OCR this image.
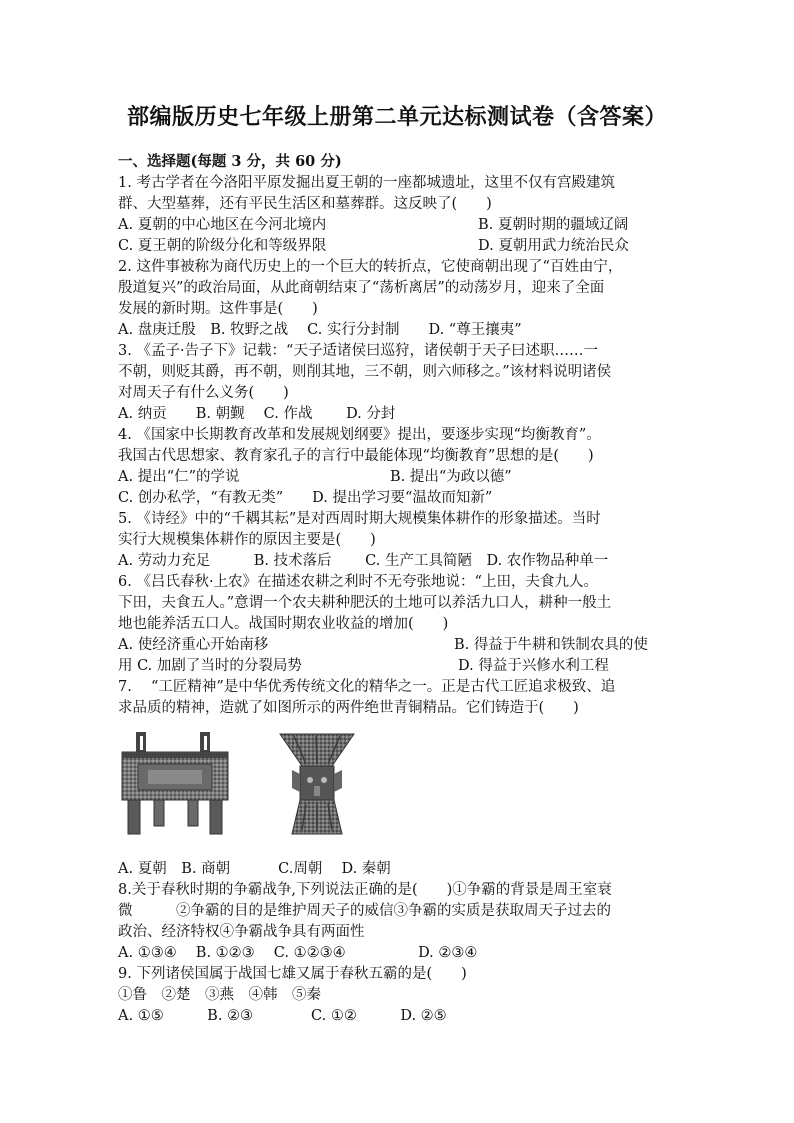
部编版历史七年级上册第二单元达标测试卷（含答案）
一、选择题(每题 3 分，共 60 分)
1. 考古学者在今洛阳平原发掘出夏王朝的一座都城遗址，这里不仅有宫殿建筑
群、大型墓葬，还有平民生活区和墓葬群。这反映了(　　)
A. 夏朝的中心地区在今河北境内	B. 夏朝时期的疆域辽阔
C. 夏王朝的阶级分化和等级界限	D. 夏朝用武力统治民众
2. 这件事被称为商代历史上的一个巨大的转折点，它使商朝出现了“百姓由宁，
殷道复兴”的政治局面，从此商朝结束了“荡析离居”的动荡岁月，迎来了全面
发展的新时期。这件事是(　　)
A. 盘庚迁殷　B. 牧野之战　 C. 实行分封制　　D. “尊王攘夷”
3. 《孟子·告子下》记载：“天子适诸侯曰巡狩，诸侯朝于天子曰述职……一
不朝，则贬其爵，再不朝，则削其地，三不朝，则六师移之。”该材料说明诸侯
对周天子有什么义务(　　)
A. 纳贡　　B. 朝觐　 C. 作战　　 D. 分封
4. 《国家中长期教育改革和发展规划纲要》提出，要逐步实现“均衡教育”。
我国古代思想家、教育家孔子的言行中最能体现“均衡教育”思想的是(　　)
A. 提出“仁”的学说	B. 提出“为政以德”
C. 创办私学，“有教无类”　　D. 提出学习要“温故而知新”
5. 《诗经》中的“千耦其耘”是对西周时期大规模集体耕作的形象描述。当时
实行大规模集体耕作的原因主要是(　　)
A. 劳动力充足　　　B. 技术落后　　 C. 生产工具简陋　D. 农作物品种单一
6. 《吕氏春秋·上农》在描述农耕之利时不无夸张地说：“上田，夫食九人。
下田，夫食五人。”意谓一个农夫耕种肥沃的土地可以养活九口人，耕种一般土
地也能养活五口人。战国时期农业收益的增加(　　)
A. 使经济重心开始南移	B. 得益于牛耕和铁制农具的使
用 C. 加剧了当时的分裂局势	D. 得益于兴修水利工程
7. 　“工匠精神”是中华优秀传统文化的精华之一。正是古代工匠追求极致、追
求品质的精神，造就了如图所示的两件绝世青铜精品。它们铸造于(　　)
A. 夏朝　B. 商朝　　　 C.周朝　 D. 秦朝
8.关于春秋时期的争霸战争,下列说法正确的是(　　)①争霸的背景是周王室衰
微　　　②争霸的目的是维护周天子的威信③争霸的实质是获取周天子过去的
政治、经济特权④争霸战争具有两面性
A. ①③④　 B. ①②③　 C. ①②③④　　　　　D. ②③④
9. 下列诸侯国属于战国七雄又属于春秋五霸的是(　　)
①鲁　②楚　③燕　④韩　⑤秦
A. ①⑤　　　B. ②③　　　　C. ①②　　　D. ②⑤
